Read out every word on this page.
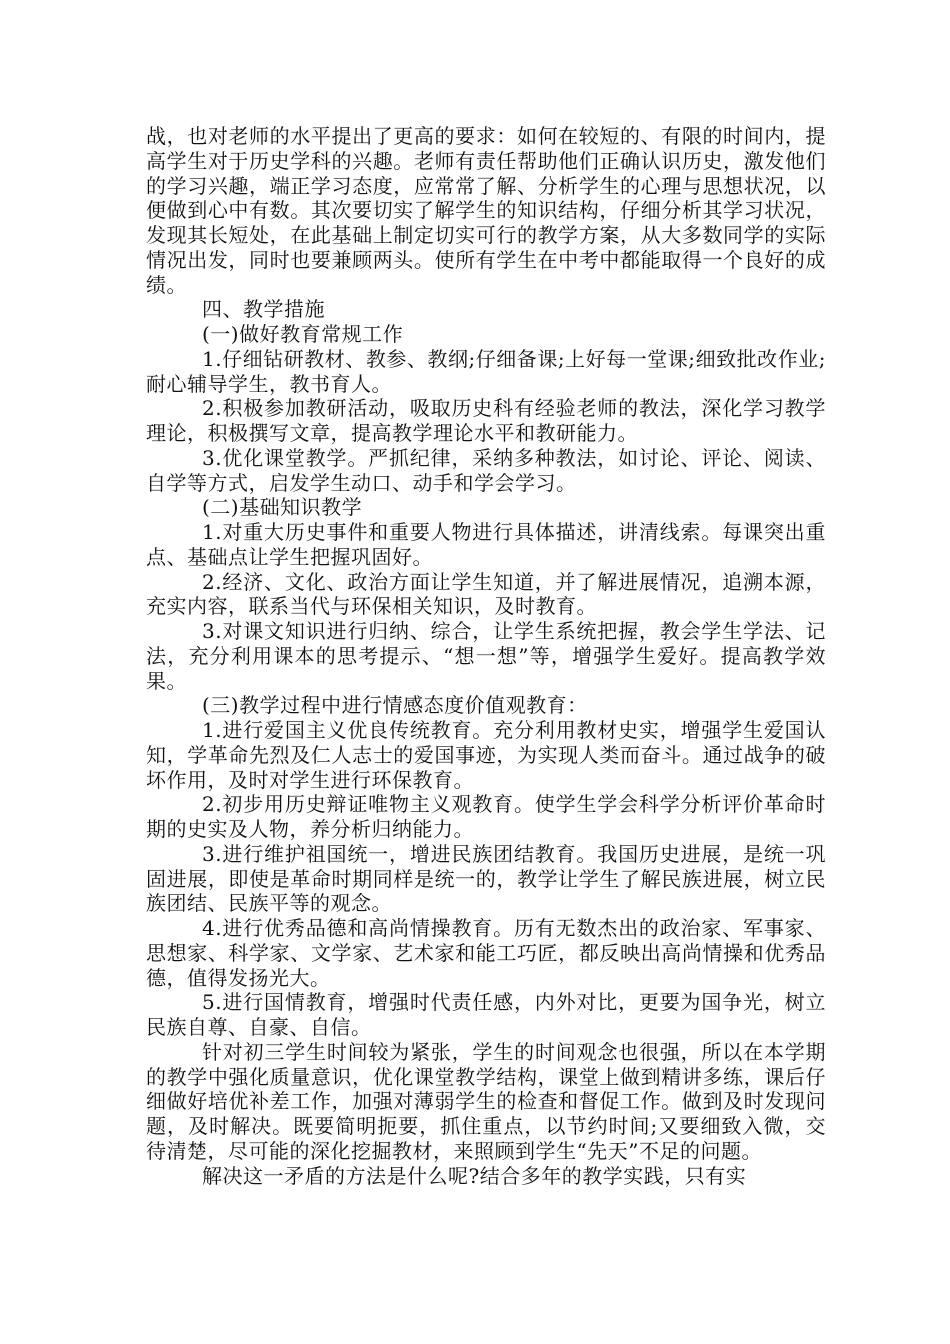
战，也对老师的水平提出了更高的要求：如何在较短的、有限的时间内，提高学生对于历史学科的兴趣。老师有责任帮助他们正确认识历史，激发他们的学习兴趣，端正学习态度，应常常了解、分析学生的心理与思想状况，以便做到心中有数。其次要切实了解学生的知识结构，仔细分析其学习状况，发现其长短处，在此基础上制定切实可行的教学方案，从大多数同学的实际情况出发，同时也要兼顾两头。使所有学生在中考中都能取得一个良好的成绩。

四、教学措施

(一)做好教育常规工作

1.仔细钻研教材、教参、教纲;仔细备课;上好每一堂课;细致批改作业;耐心辅导学生，教书育人。

2.积极参加教研活动，吸取历史科有经验老师的教法，深化学习教学理论，积极撰写文章，提高教学理论水平和教研能力。

3.优化课堂教学。严抓纪律，采纳多种教法，如讨论、评论、阅读、自学等方式，启发学生动口、动手和学会学习。

(二)基础知识教学

1.对重大历史事件和重要人物进行具体描述，讲清线索。每课突出重点、基础点让学生把握巩固好。

2.经济、文化、政治方面让学生知道，并了解进展情况，追溯本源，充实内容，联系当代与环保相关知识，及时教育。

3.对课文知识进行归纳、综合，让学生系统把握，教会学生学法、记法，充分利用课本的思考提示、“想一想”等，增强学生爱好。提高教学效果。

(三)教学过程中进行情感态度价值观教育：

1.进行爱国主义优良传统教育。充分利用教材史实，增强学生爱国认知，学革命先烈及仁人志士的爱国事迹，为实现人类而奋斗。通过战争的破坏作用，及时对学生进行环保教育。

2.初步用历史辩证唯物主义观教育。使学生学会科学分析评价革命时期的史实及人物，养分析归纳能力。

3.进行维护祖国统一，增进民族团结教育。我国历史进展，是统一巩固进展，即使是革命时期同样是统一的，教学让学生了解民族进展，树立民族团结、民族平等的观念。

4.进行优秀品德和高尚情操教育。历有无数杰出的政治家、军事家、思想家、科学家、文学家、艺术家和能工巧匠，都反映出高尚情操和优秀品德，值得发扬光大。

5.进行国情教育，增强时代责任感，内外对比，更要为国争光，树立民族自尊、自豪、自信。

针对初三学生时间较为紧张，学生的时间观念也很强，所以在本学期的教学中强化质量意识，优化课堂教学结构，课堂上做到精讲多练，课后仔细做好培优补差工作，加强对薄弱学生的检查和督促工作。做到及时发现问题，及时解决。既要简明扼要，抓住重点，以节约时间;又要细致入微，交待清楚，尽可能的深化挖掘教材，来照顾到学生“先天”不足的问题。

解决这一矛盾的方法是什么呢?结合多年的教学实践，只有实
